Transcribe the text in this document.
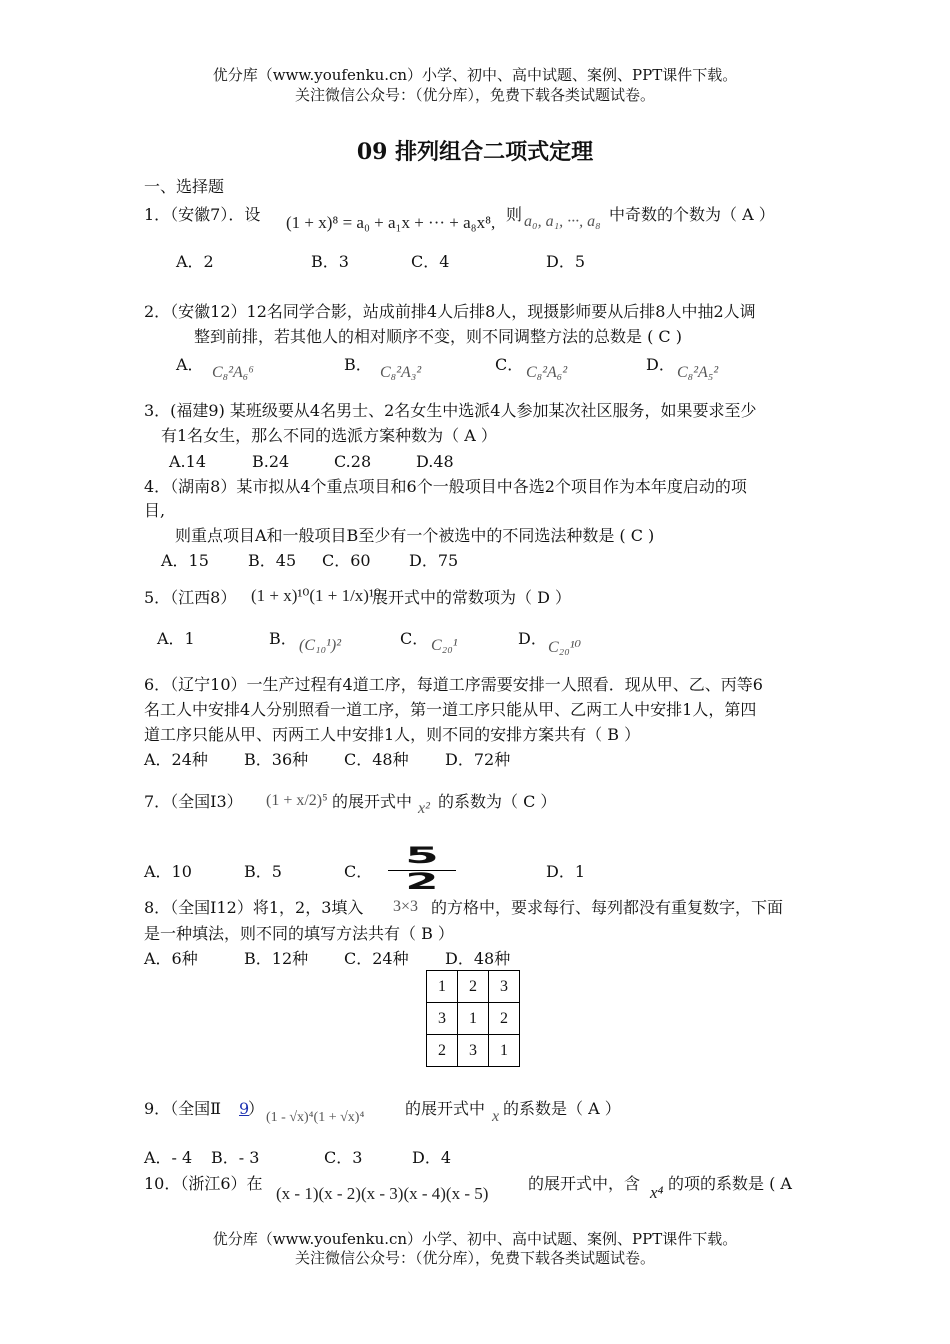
优分库（www.youfenku.cn）小学、初中、高中试题、案例、PPT课件下载。
关注微信公众号：（优分库），免费下载各类试题试卷。
09 排列组合二项式定理
一、选择题
1．（安徽7）．设 (1 + x)⁸ = a₀ + a₁x + ··· + a₈x⁸, 则 a₀, a₁, ···, a₈ 中奇数的个数为（ A ）
A．2	B．3	C．4	D．5
2．（安徽12）12名同学合影，站成前排4人后排8人，现摄影师要从后排8人中抽2人调
整到前排，若其他人的相对顺序不变，则不同调整方法的总数是 ( C )
A． C₈²A₆⁶	B． C₈²A₃²	C． C₈²A₆²	D． C₈²A₅²
3．(福建9) 某班级要从4名男士、2名女生中选派4人参加某次社区服务，如果要求至少
有1名女生，那么不同的选派方案种数为（ A ）
A.14	B.24	C.28	D.48
4．（湖南8）某市拟从4个重点项目和6个一般项目中各选2个项目作为本年度启动的项
目,
则重点项目A和一般项目B至少有一个被选中的不同选法种数是 ( C )
A．15 B．45 C．60 D．75
5．（江西8） (1 + x)¹⁰(1 + 1/x)¹⁰
展开式中的常数项为（ D ）
A．1	B． (C₁₀¹)²	C． C₂₀¹	D． C₂₀¹⁰
6．（辽宁10）一生产过程有4道工序，每道工序需要安排一人照看．现从甲、乙、丙等6
名工人中安排4人分别照看一道工序，第一道工序只能从甲、乙两工人中安排1人，第四
道工序只能从甲、丙两工人中安排1人，则不同的安排方案共有（ B ）
A．24种 B．36种 C．48种 D．72种
7．（全国Ⅰ3） (1 + x/2)⁵ 的展开式中 x² 的系数为（ C ）
A．10	B．5	C．
5
2	D．1
8．（全国Ⅰ12）将1，2，3填入 3×3 的方格中，要求每行、每列都没有重复数字，下面
是一种填法，则不同的填写方法共有（ B ）
A．6种	B．12种 C．24种 D．48种
1	2	3
3	1	2
2	3	1
9．（全国Ⅱ 9
） (1 - √x)⁴(1 + √x)⁴	的展开式中 x 的系数是（ A ）
A．- 4 B．- 3	C．3	D．4
10．（浙江6）在
(x - 1)(x - 2)(x - 3)(x - 4)(x - 5)
的展开式中，含 x⁴ 的项的系数是 ( A
优分库（www.youfenku.cn）小学、初中、高中试题、案例、PPT课件下载。
关注微信公众号：（优分库），免费下载各类试题试卷。
